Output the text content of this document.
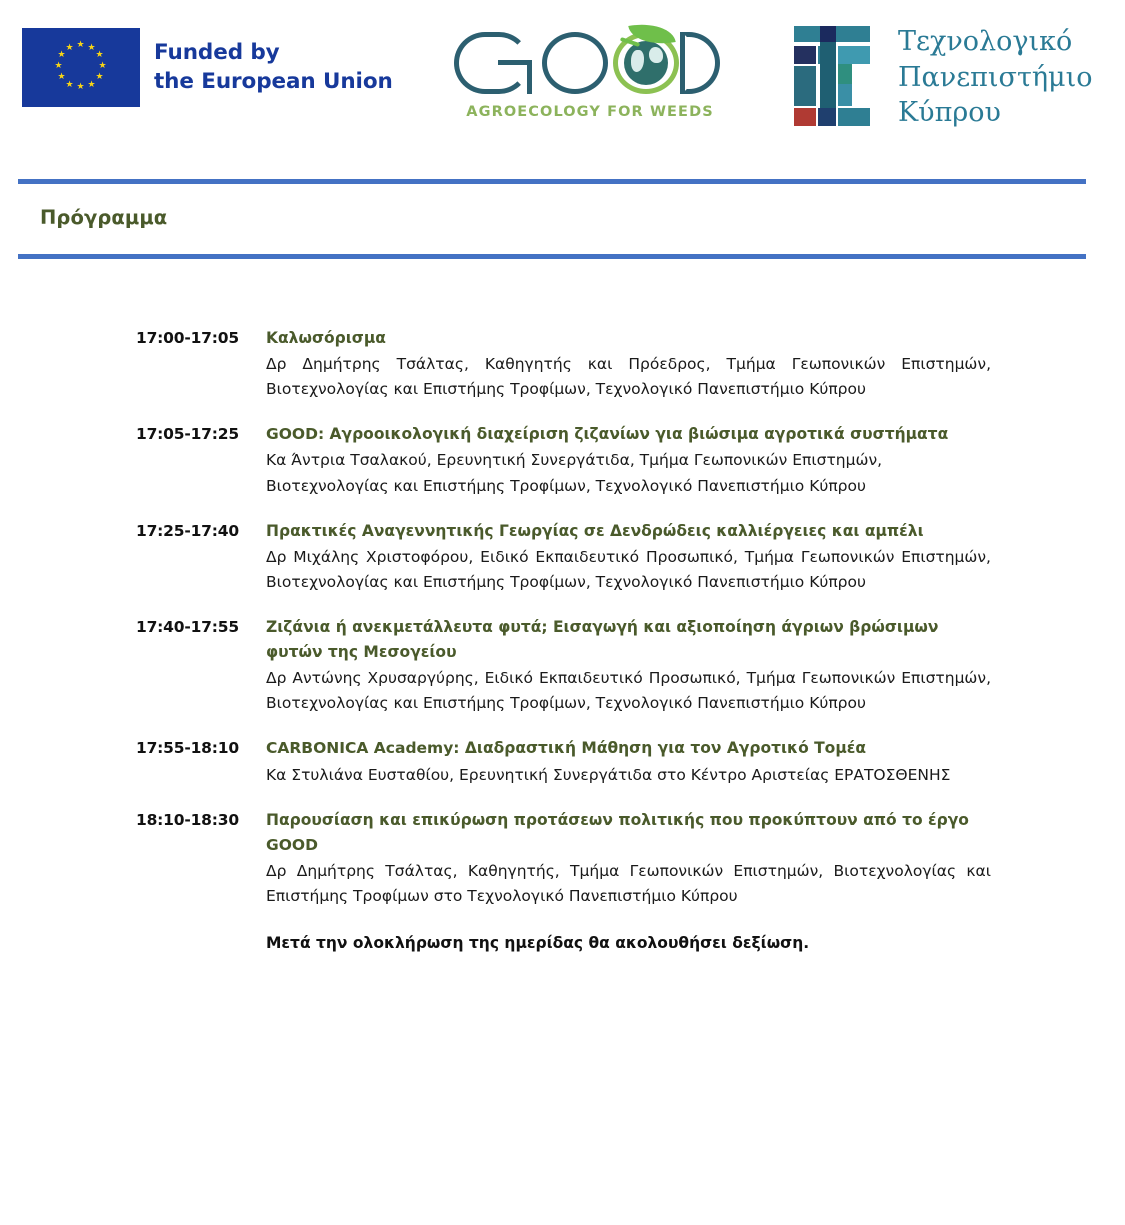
Funded by
the European Union
AGROECOLOGY FOR WEEDS
Τεχνολογικό
Πανεπιστήμιο
Κύπρου
Πρόγραμμα
17:00-17:05	Καλωσόρισμα

Δρ Δημήτρης Τσάλτας, Καθηγητής και Πρόεδρος, Τμήμα Γεωπονικών Επιστημών, Βιοτεχνολογίας και Επιστήμης Τροφίμων, Τεχνολογικό Πανεπιστήμιο Κύπρου

17:05-17:25	GOOD: Αγροοικολογική διαχείριση ζιζανίων για βιώσιμα αγροτικά συστήματα

Κα Άντρια Τσαλακού, Ερευνητική Συνεργάτιδα, Τμήμα Γεωπονικών Επιστημών, Βιοτεχνολογίας και Επιστήμης Τροφίμων, Τεχνολογικό Πανεπιστήμιο Κύπρου

17:25-17:40	Πρακτικές Αναγεννητικής Γεωργίας σε Δενδρώδεις καλλιέργειες και αμπέλι

Δρ Μιχάλης Χριστοφόρου, Ειδικό Εκπαιδευτικό Προσωπικό, Τμήμα Γεωπονικών Επιστημών, Βιοτεχνολογίας και Επιστήμης Τροφίμων, Τεχνολογικό Πανεπιστήμιο Κύπρου

17:40-17:55	Ζιζάνια ή ανεκμετάλλευτα φυτά; Εισαγωγή και αξιοποίηση άγριων βρώσιμων φυτών της Μεσογείου

Δρ Αντώνης Χρυσαργύρης, Ειδικό Εκπαιδευτικό Προσωπικό, Τμήμα Γεωπονικών Επιστημών, Βιοτεχνολογίας και Επιστήμης Τροφίμων, Τεχνολογικό Πανεπιστήμιο Κύπρου

17:55-18:10	CARBONICA Academy: Διαδραστική Μάθηση για τον Αγροτικό Τομέα

Κα Στυλιάνα Ευσταθίου, Ερευνητική Συνεργάτιδα στο Κέντρο Αριστείας ΕΡΑΤΟΣΘΕΝΗΣ

18:10-18:30	Παρουσίαση και επικύρωση προτάσεων πολιτικής που προκύπτουν από το έργο GOOD

Δρ Δημήτρης Τσάλτας, Καθηγητής, Τμήμα Γεωπονικών Επιστημών, Βιοτεχνολογίας και Επιστήμης Τροφίμων στο Τεχνολογικό Πανεπιστήμιο Κύπρου

Μετά την ολοκλήρωση της ημερίδας θα ακολουθήσει δεξίωση.
